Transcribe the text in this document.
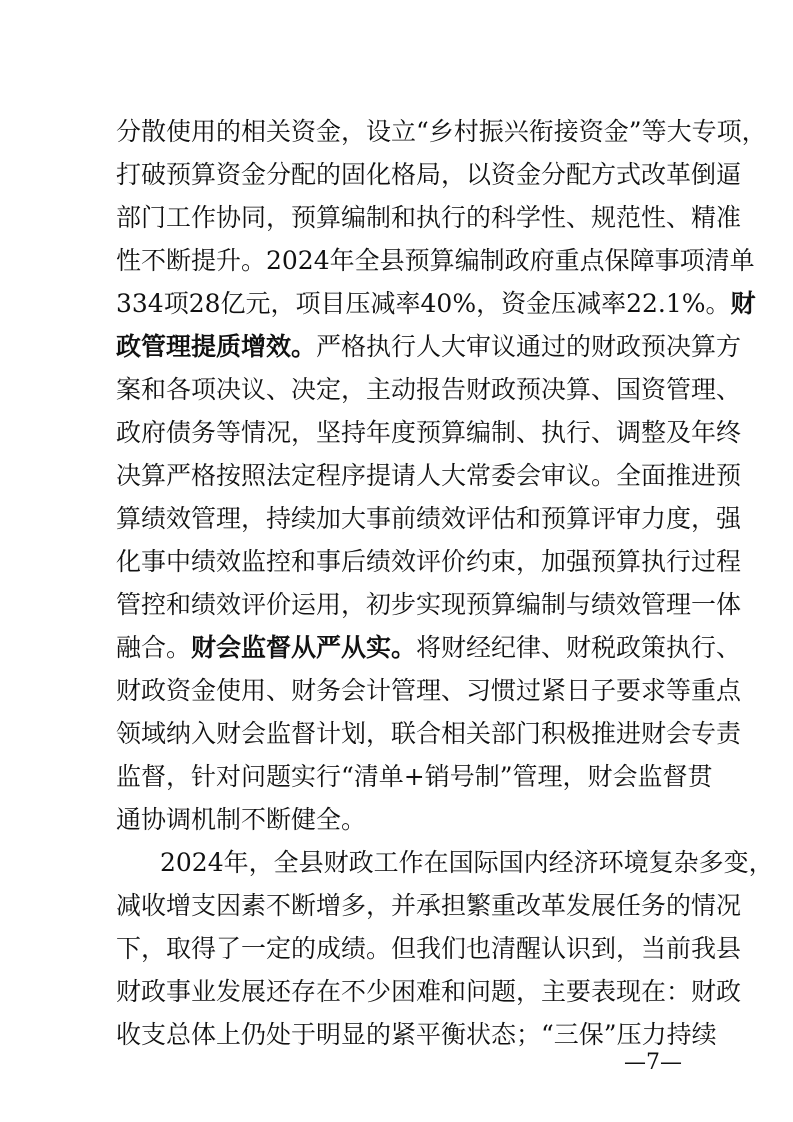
分散使用的相关资金，设立“乡村振兴衔接资金”等大专项，
打破预算资金分配的固化格局，以资金分配方式改革倒逼
部门工作协同，预算编制和执行的科学性、规范性、精准
性不断提升。2024年全县预算编制政府重点保障事项清单
334项28亿元，项目压减率40%，资金压减率22.1%。财
政管理提质增效。严格执行人大审议通过的财政预决算方
案和各项决议、决定，主动报告财政预决算、国资管理、
政府债务等情况，坚持年度预算编制、执行、调整及年终
决算严格按照法定程序提请人大常委会审议。全面推进预
算绩效管理，持续加大事前绩效评估和预算评审力度，强
化事中绩效监控和事后绩效评价约束，加强预算执行过程
管控和绩效评价运用，初步实现预算编制与绩效管理一体
融合。财会监督从严从实。将财经纪律、财税政策执行、
财政资金使用、财务会计管理、习惯过紧日子要求等重点
领域纳入财会监督计划，联合相关部门积极推进财会专责
监督，针对问题实行“清单+销号制”管理，财会监督贯
通协调机制不断健全。
2024年，全县财政工作在国际国内经济环境复杂多变，
减收增支因素不断增多，并承担繁重改革发展任务的情况
下，取得了一定的成绩。但我们也清醒认识到，当前我县
财政事业发展还存在不少困难和问题，主要表现在：财政
收支总体上仍处于明显的紧平衡状态；“三保”压力持续
—7—
